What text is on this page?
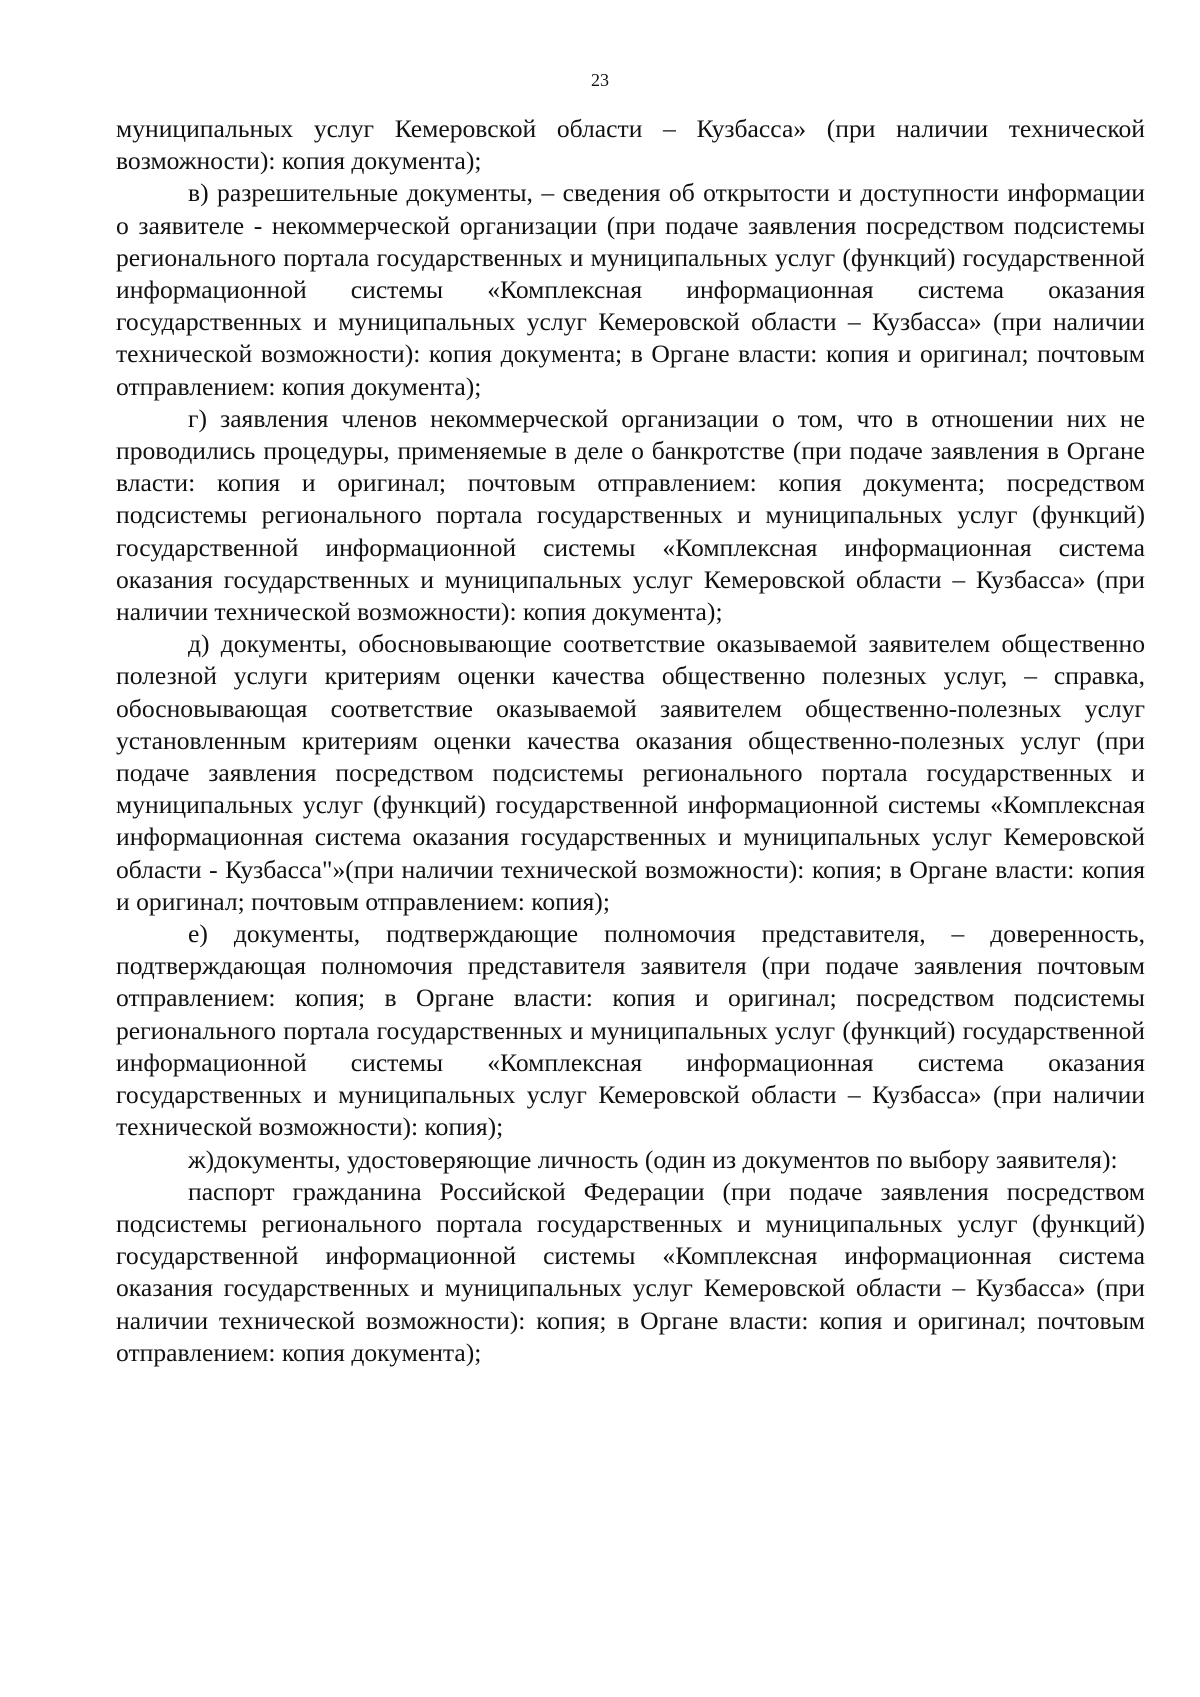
23

муниципальных услуг Кемеровской области – Кузбасса» (при наличии технической возможности): копия документа);

в) разрешительные документы, – сведения об открытости и доступности информации о заявителе - некоммерческой организации (при подаче заявления посредством подсистемы регионального портала государственных и муниципальных услуг (функций) государственной информационной системы «Комплексная информационная система оказания государственных и муниципальных услуг Кемеровской области – Кузбасса» (при наличии технической возможности): копия документа; в Органе власти: копия и оригинал; почтовым отправлением: копия документа);

г) заявления членов некоммерческой организации о том, что в отношении них не проводились процедуры, применяемые в деле о банкротстве (при подаче заявления в Органе власти: копия и оригинал; почтовым отправлением: копия документа; посредством подсистемы регионального портала государственных и муниципальных услуг (функций) государственной информационной системы «Комплексная информационная система оказания государственных и муниципальных услуг Кемеровской области – Кузбасса» (при наличии технической возможности): копия документа);

д) документы, обосновывающие соответствие оказываемой заявителем общественно полезной услуги критериям оценки качества общественно полезных услуг, – справка, обосновывающая соответствие оказываемой заявителем общественно-полезных услуг установленным критериям оценки качества оказания общественно-полезных услуг (при подаче заявления посредством подсистемы регионального портала государственных и муниципальных услуг (функций) государственной информационной системы «Комплексная информационная система оказания государственных и муниципальных услуг Кемеровской области - Кузбасса"»(при наличии технической возможности): копия; в Органе власти: копия и оригинал; почтовым отправлением: копия);

е) документы, подтверждающие полномочия представителя, – доверенность, подтверждающая полномочия представителя заявителя (при подаче заявления почтовым отправлением: копия; в Органе власти: копия и оригинал; посредством подсистемы регионального портала государственных и муниципальных услуг (функций) государственной информационной системы «Комплексная информационная система оказания государственных и муниципальных услуг Кемеровской области – Кузбасса» (при наличии технической возможности): копия);

ж)документы, удостоверяющие личность (один из документов по выбору заявителя):

паспорт гражданина Российской Федерации (при подаче заявления посредством подсистемы регионального портала государственных и муниципальных услуг (функций) государственной информационной системы «Комплексная информационная система оказания государственных и муниципальных услуг Кемеровской области – Кузбасса» (при наличии технической возможности): копия; в Органе власти: копия и оригинал; почтовым отправлением: копия документа);
